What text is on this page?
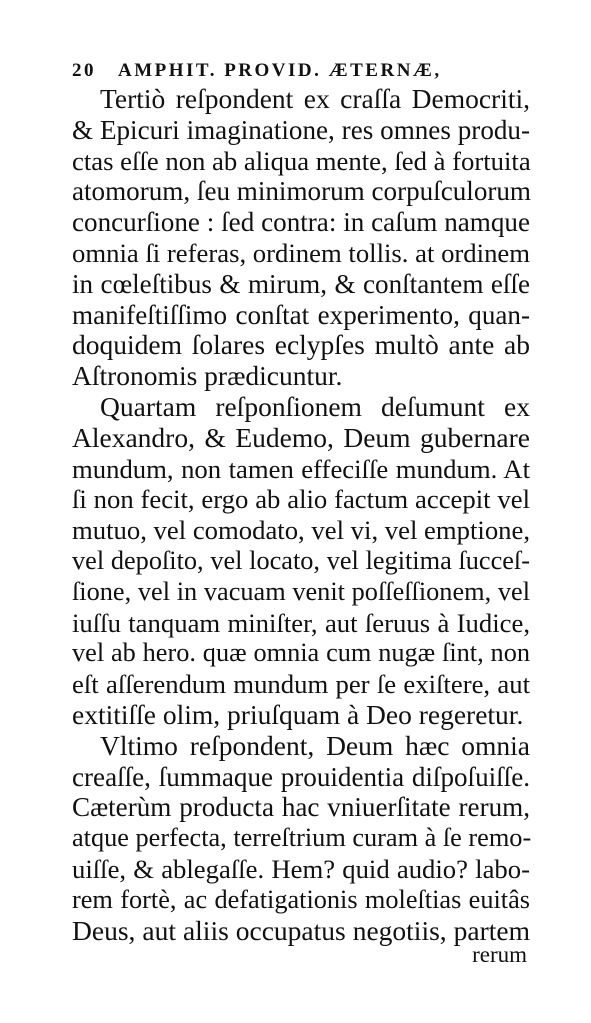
20 AMPHIT. PROVID. ÆTERNÆ,

Tertiò reſpondent ex craſſa Democriti,
& Epicuri imaginatione, res omnes produ-
ctas eſſe non ab aliqua mente, ſed à fortuita
atomorum, ſeu minimorum corpuſculorum
concurſione : ſed contra: in caſum namque
omnia ſi referas, ordinem tollis. at ordinem
in cœleſtibus & mirum, & conſtantem eſſe
manifeſtiſſimo conſtat experimento, quan-
doquidem ſolares eclypſes multò ante ab
Aſtronomis prædicuntur.

Quartam reſponſionem deſumunt ex
Alexandro, & Eudemo, Deum gubernare
mundum, non tamen effeciſſe mundum. At
ſi non fecit, ergo ab alio factum accepit vel
mutuo, vel comodato, vel vi, vel emptione,
vel depoſito, vel locato, vel legitima ſucceſ-
ſione, vel in vacuam venit poſſeſſionem, vel
iuſſu tanquam miniſter, aut ſeruus à Iudice,
vel ab hero. quæ omnia cum nugæ ſint, non
eſt aſſerendum mundum per ſe exiſtere, aut
extitiſſe olim, priuſquam à Deo regeretur.

Vltimo reſpondent, Deum hæc omnia
creaſſe, ſummaque prouidentia diſpoſuiſſe.
Cæterùm producta hac vniuerſitate rerum,
atque perfecta, terreſtrium curam à ſe remo-
uiſſe, & ablegaſſe. Hem? quid audio? labo-
rem fortè, ac defatigationis moleſtias euitâs
Deus, aut aliis occupatus negotiis, partem

rerum
